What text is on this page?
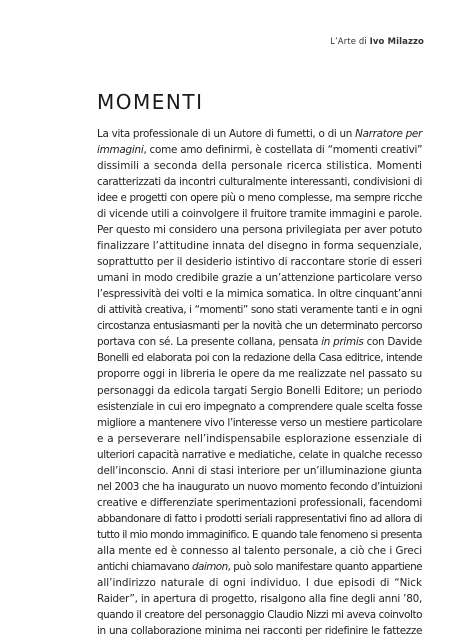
L’Arte di Ivo Milazzo
MOMENTI
La vita professionale di un Autore di fumetti, o di un Narratore per
immagini, come amo definirmi, è costellata di “momenti creativi”
dissimili a seconda della personale ricerca stilistica. Momenti
caratterizzati da incontri culturalmente interessanti, condivisioni di
idee e progetti con opere più o meno complesse, ma sempre ricche
di vicende utili a coinvolgere il fruitore tramite immagini e parole.
Per questo mi considero una persona privilegiata per aver potuto
finalizzare l’attitudine innata del disegno in forma sequenziale,
soprattutto per il desiderio istintivo di raccontare storie di esseri
umani in modo credibile grazie a un’attenzione particolare verso
l’espressività dei volti e la mimica somatica. In oltre cinquant’anni
di attività creativa, i “momenti” sono stati veramente tanti e in ogni
circostanza entusiasmanti per la novità che un determinato percorso
portava con sé. La presente collana, pensata in primis con Davide
Bonelli ed elaborata poi con la redazione della Casa editrice, intende
proporre oggi in libreria le opere da me realizzate nel passato su
personaggi da edicola targati Sergio Bonelli Editore; un periodo
esistenziale in cui ero impegnato a comprendere quale scelta fosse
migliore a mantenere vivo l’interesse verso un mestiere particolare
e a perseverare nell’indispensabile esplorazione essenziale di
ulteriori capacità narrative e mediatiche, celate in qualche recesso
dell’inconscio. Anni di stasi interiore per un’illuminazione giunta
nel 2003 che ha inaugurato un nuovo momento fecondo d’intuizioni
creative e differenziate sperimentazioni professionali, facendomi
abbandonare di fatto i prodotti seriali rappresentativi fino ad allora di
tutto il mio mondo immaginifico. E quando tale fenomeno si presenta
alla mente ed è connesso al talento personale, a ciò che i Greci
antichi chiamavano daimon, può solo manifestare quanto appartiene
all’indirizzo naturale di ogni individuo. I due episodi di “Nick
Raider”, in apertura di progetto, risalgono alla fine degli anni ’80,
quando il creatore del personaggio Claudio Nizzi mi aveva coinvolto
in una collaborazione minima nei racconti per ridefinire le fattezze
